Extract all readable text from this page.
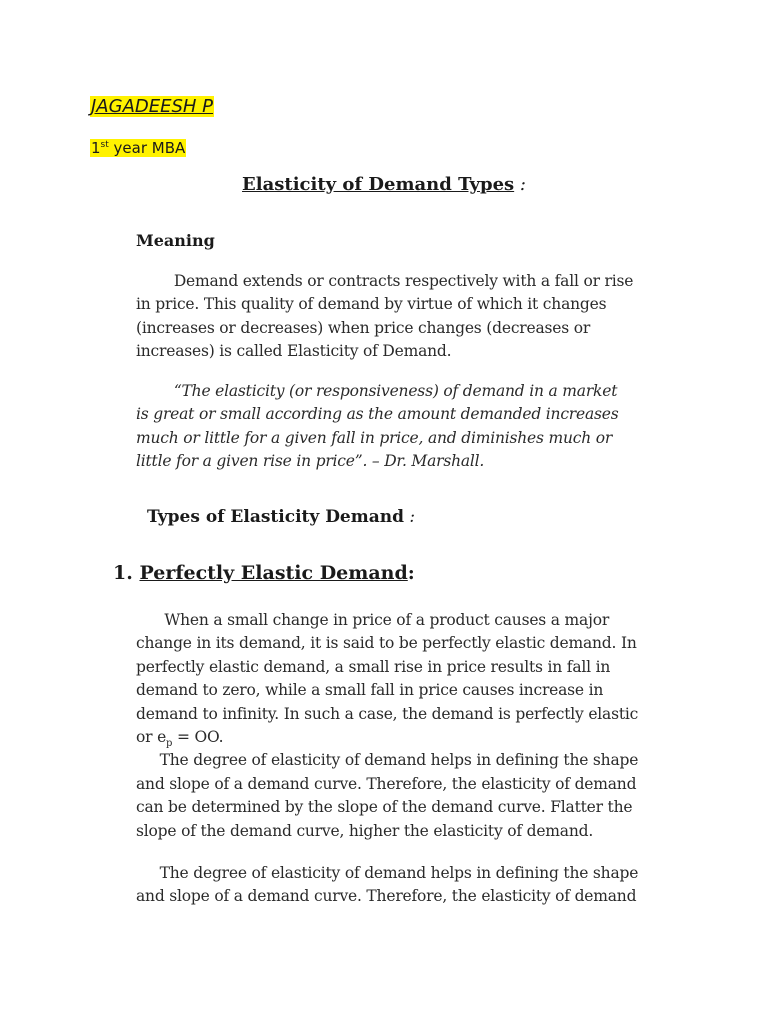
JAGADEESH P

1st year MBA

Elasticity of Demand Types :
Meaning
Demand extends or contracts respectively with a fall or rise
in price. This quality of demand by virtue of which it changes
(increases or decreases) when price changes (decreases or
increases) is called Elasticity of Demand.
“The elasticity (or responsiveness) of demand in a market
is great or small according as the amount demanded increases
much or little for a given fall in price, and diminishes much or
little for a given rise in price”. – Dr. Marshall.
Types of Elasticity Demand :
1. Perfectly Elastic Demand:
When a small change in price of a product causes a major
change in its demand, it is said to be perfectly elastic demand. In
perfectly elastic demand, a small rise in price results in fall in
demand to zero, while a small fall in price causes increase in
demand to infinity. In such a case, the demand is perfectly elastic
or $e_p$ = OO.
The degree of elasticity of demand helps in defining the shape
and slope of a demand curve. Therefore, the elasticity of demand
can be determined by the slope of the demand curve. Flatter the
slope of the demand curve, higher the elasticity of demand.
The degree of elasticity of demand helps in defining the shape
and slope of a demand curve. Therefore, the elasticity of demand
